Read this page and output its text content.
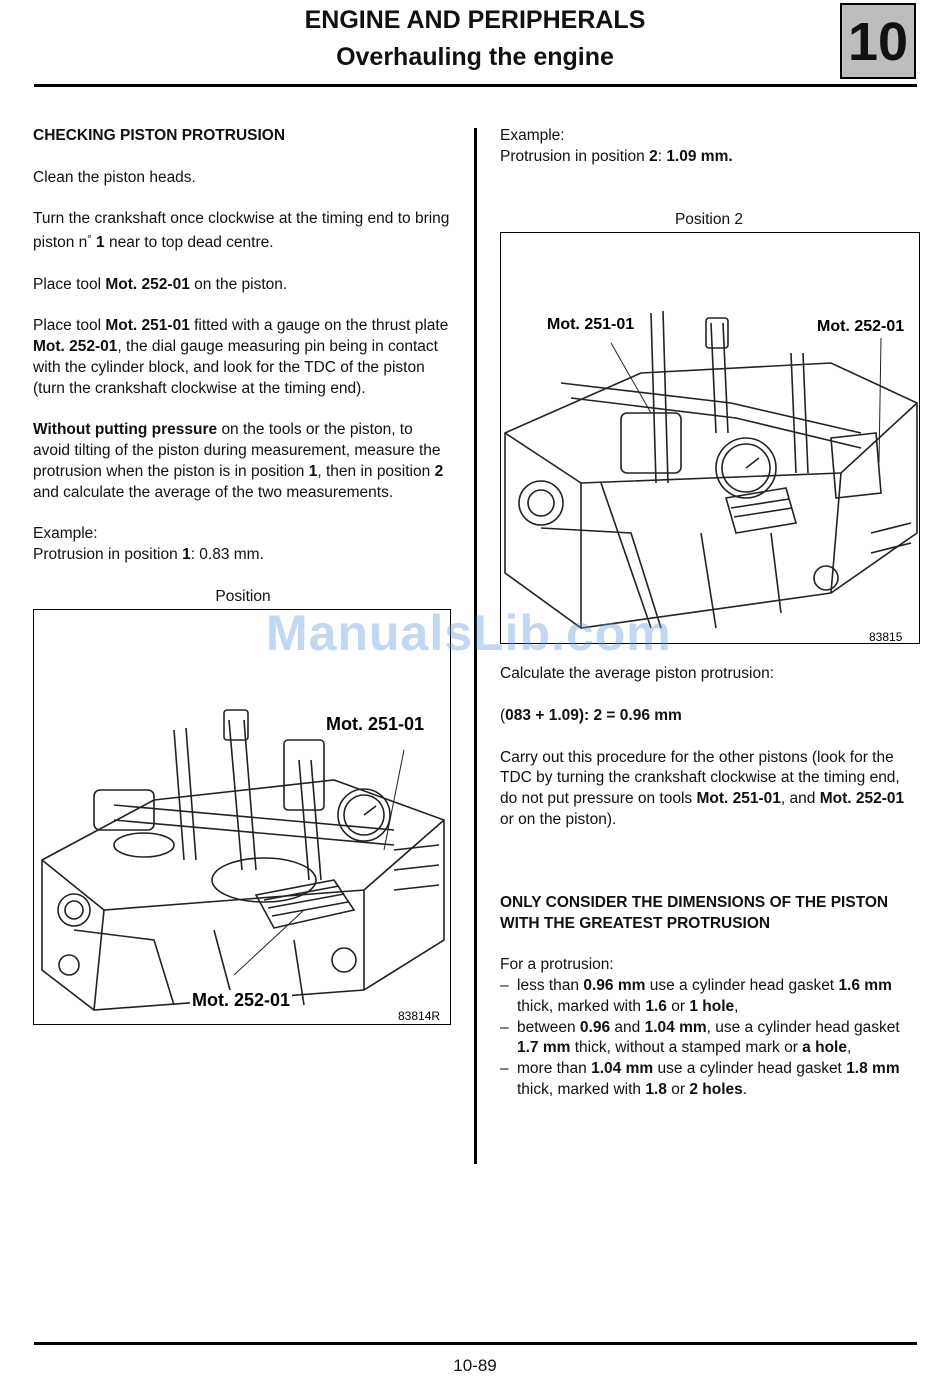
ENGINE AND PERIPHERALS
Overhauling the engine	10

CHECKING PISTON PROTRUSION

Clean the piston heads.

Turn the crankshaft once clockwise at the timing end to bring piston n° 1 near to top dead centre.

Place tool Mot. 252-01 on the piston.

Place tool Mot. 251-01 fitted with a gauge on the thrust plate Mot. 252-01, the dial gauge measuring pin being in contact with the cylinder block, and look for the TDC of the piston (turn the crankshaft clockwise at the timing end).

Without putting pressure on the tools or the piston, to avoid tilting of the piston during measurement, measure the protrusion when the piston is in position 1, then in position 2 and calculate the average of the two measurements.

Example:

Protrusion in position 1: 0.83 mm.

Position

Mot. 251-01
Mot. 252-01
83814R

Example:

Protrusion in position 2: 1.09 mm.

Position 2

Mot. 251-01	Mot. 252-01
83815

Calculate the average piston protrusion:

(083 + 1.09): 2 = 0.96 mm

Carry out this procedure for the other pistons (look for the TDC by turning the crankshaft clockwise at the timing end, do not put pressure on tools Mot. 251-01, and Mot. 252-01 or on the piston).

ONLY CONSIDER THE DIMENSIONS OF THE PISTON WITH THE GREATEST PROTRUSION

For a protrusion:

– less than 0.96 mm use a cylinder head gasket 1.6 mm thick, marked with 1.6 or 1 hole,
– between 0.96 and 1.04 mm, use a cylinder head gasket 1.7 mm thick, without a stamped mark or a hole,
– more than 1.04 mm use a cylinder head gasket 1.8 mm thick, marked with 1.8 or 2 holes.
ManualsLib.com
10-89
